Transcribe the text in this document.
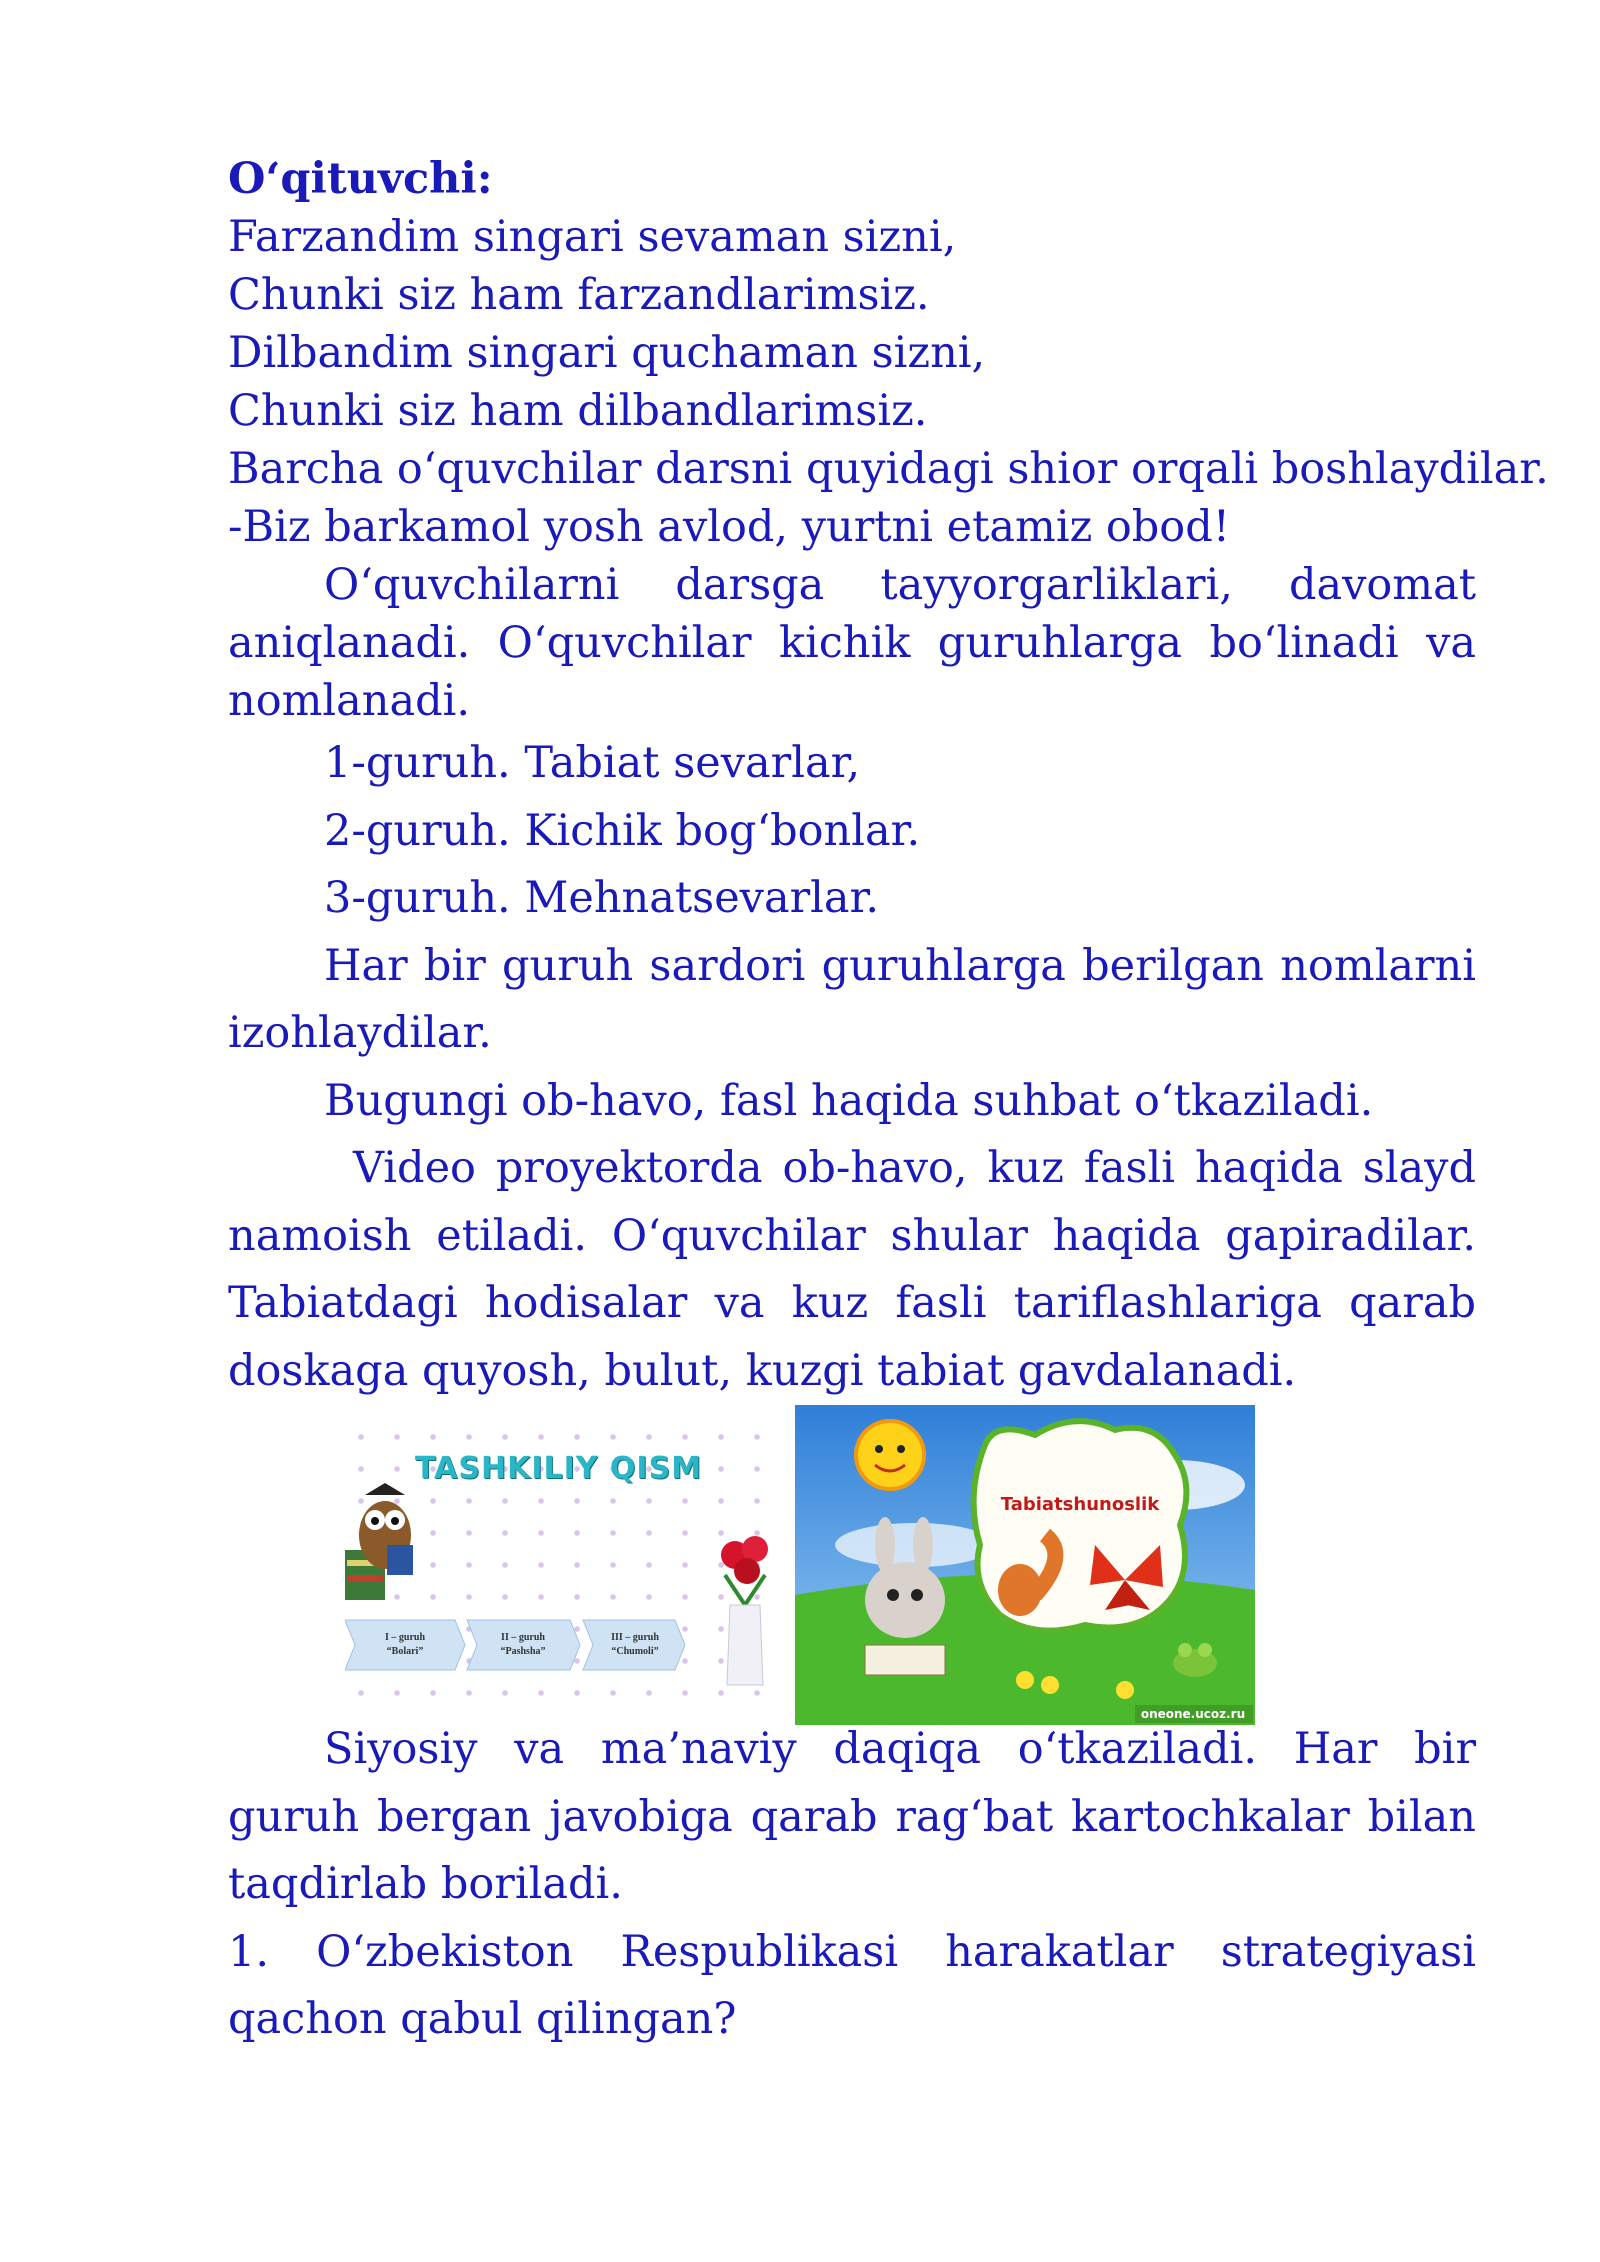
O‘qituvchi:

Farzandim singari sevaman sizni,

Chunki siz ham farzandlarimsiz.

Dilbandim singari quchaman sizni,

Chunki siz ham dilbandlarimsiz.

Barcha o‘quvchilar darsni quyidagi shior orqali boshlaydilar.

-Biz barkamol yosh avlod, yurtni etamiz obod!

O‘quvchilarni darsga tayyorgarliklari, davomat aniqlanadi. O‘quvchilar kichik guruhlarga bo‘linadi va nomlanadi.

1-guruh. Tabiat sevarlar,

2-guruh. Kichik bog‘bonlar.

3-guruh. Mehnatsevarlar.

Har bir guruh sardori guruhlarga berilgan nomlarni izohlaydilar.

Bugungi ob-havo, fasl haqida suhbat o‘tkaziladi.

Video proyektorda ob-havo, kuz fasli haqida slayd namoish etiladi. O‘quvchilar shular haqida gapiradilar. Tabiatdagi hodisalar va kuz fasli tariflashlariga qarab doskaga quyosh, bulut, kuzgi tabiat gavdalanadi.

TASHKILIY QISM
I – guruh
“Bolari”
II – guruh
“Pashsha”
III – guruh
“Chumoli”
Tabiatshunoslik
oneone.ucoz.ru

Siyosiy va ma’naviy daqiqa o‘tkaziladi. Har bir guruh bergan javobiga qarab rag‘bat kartochkalar bilan taqdirlab boriladi.

1. O‘zbekiston Respublikasi harakatlar strategiyasi qachon qabul qilingan?
